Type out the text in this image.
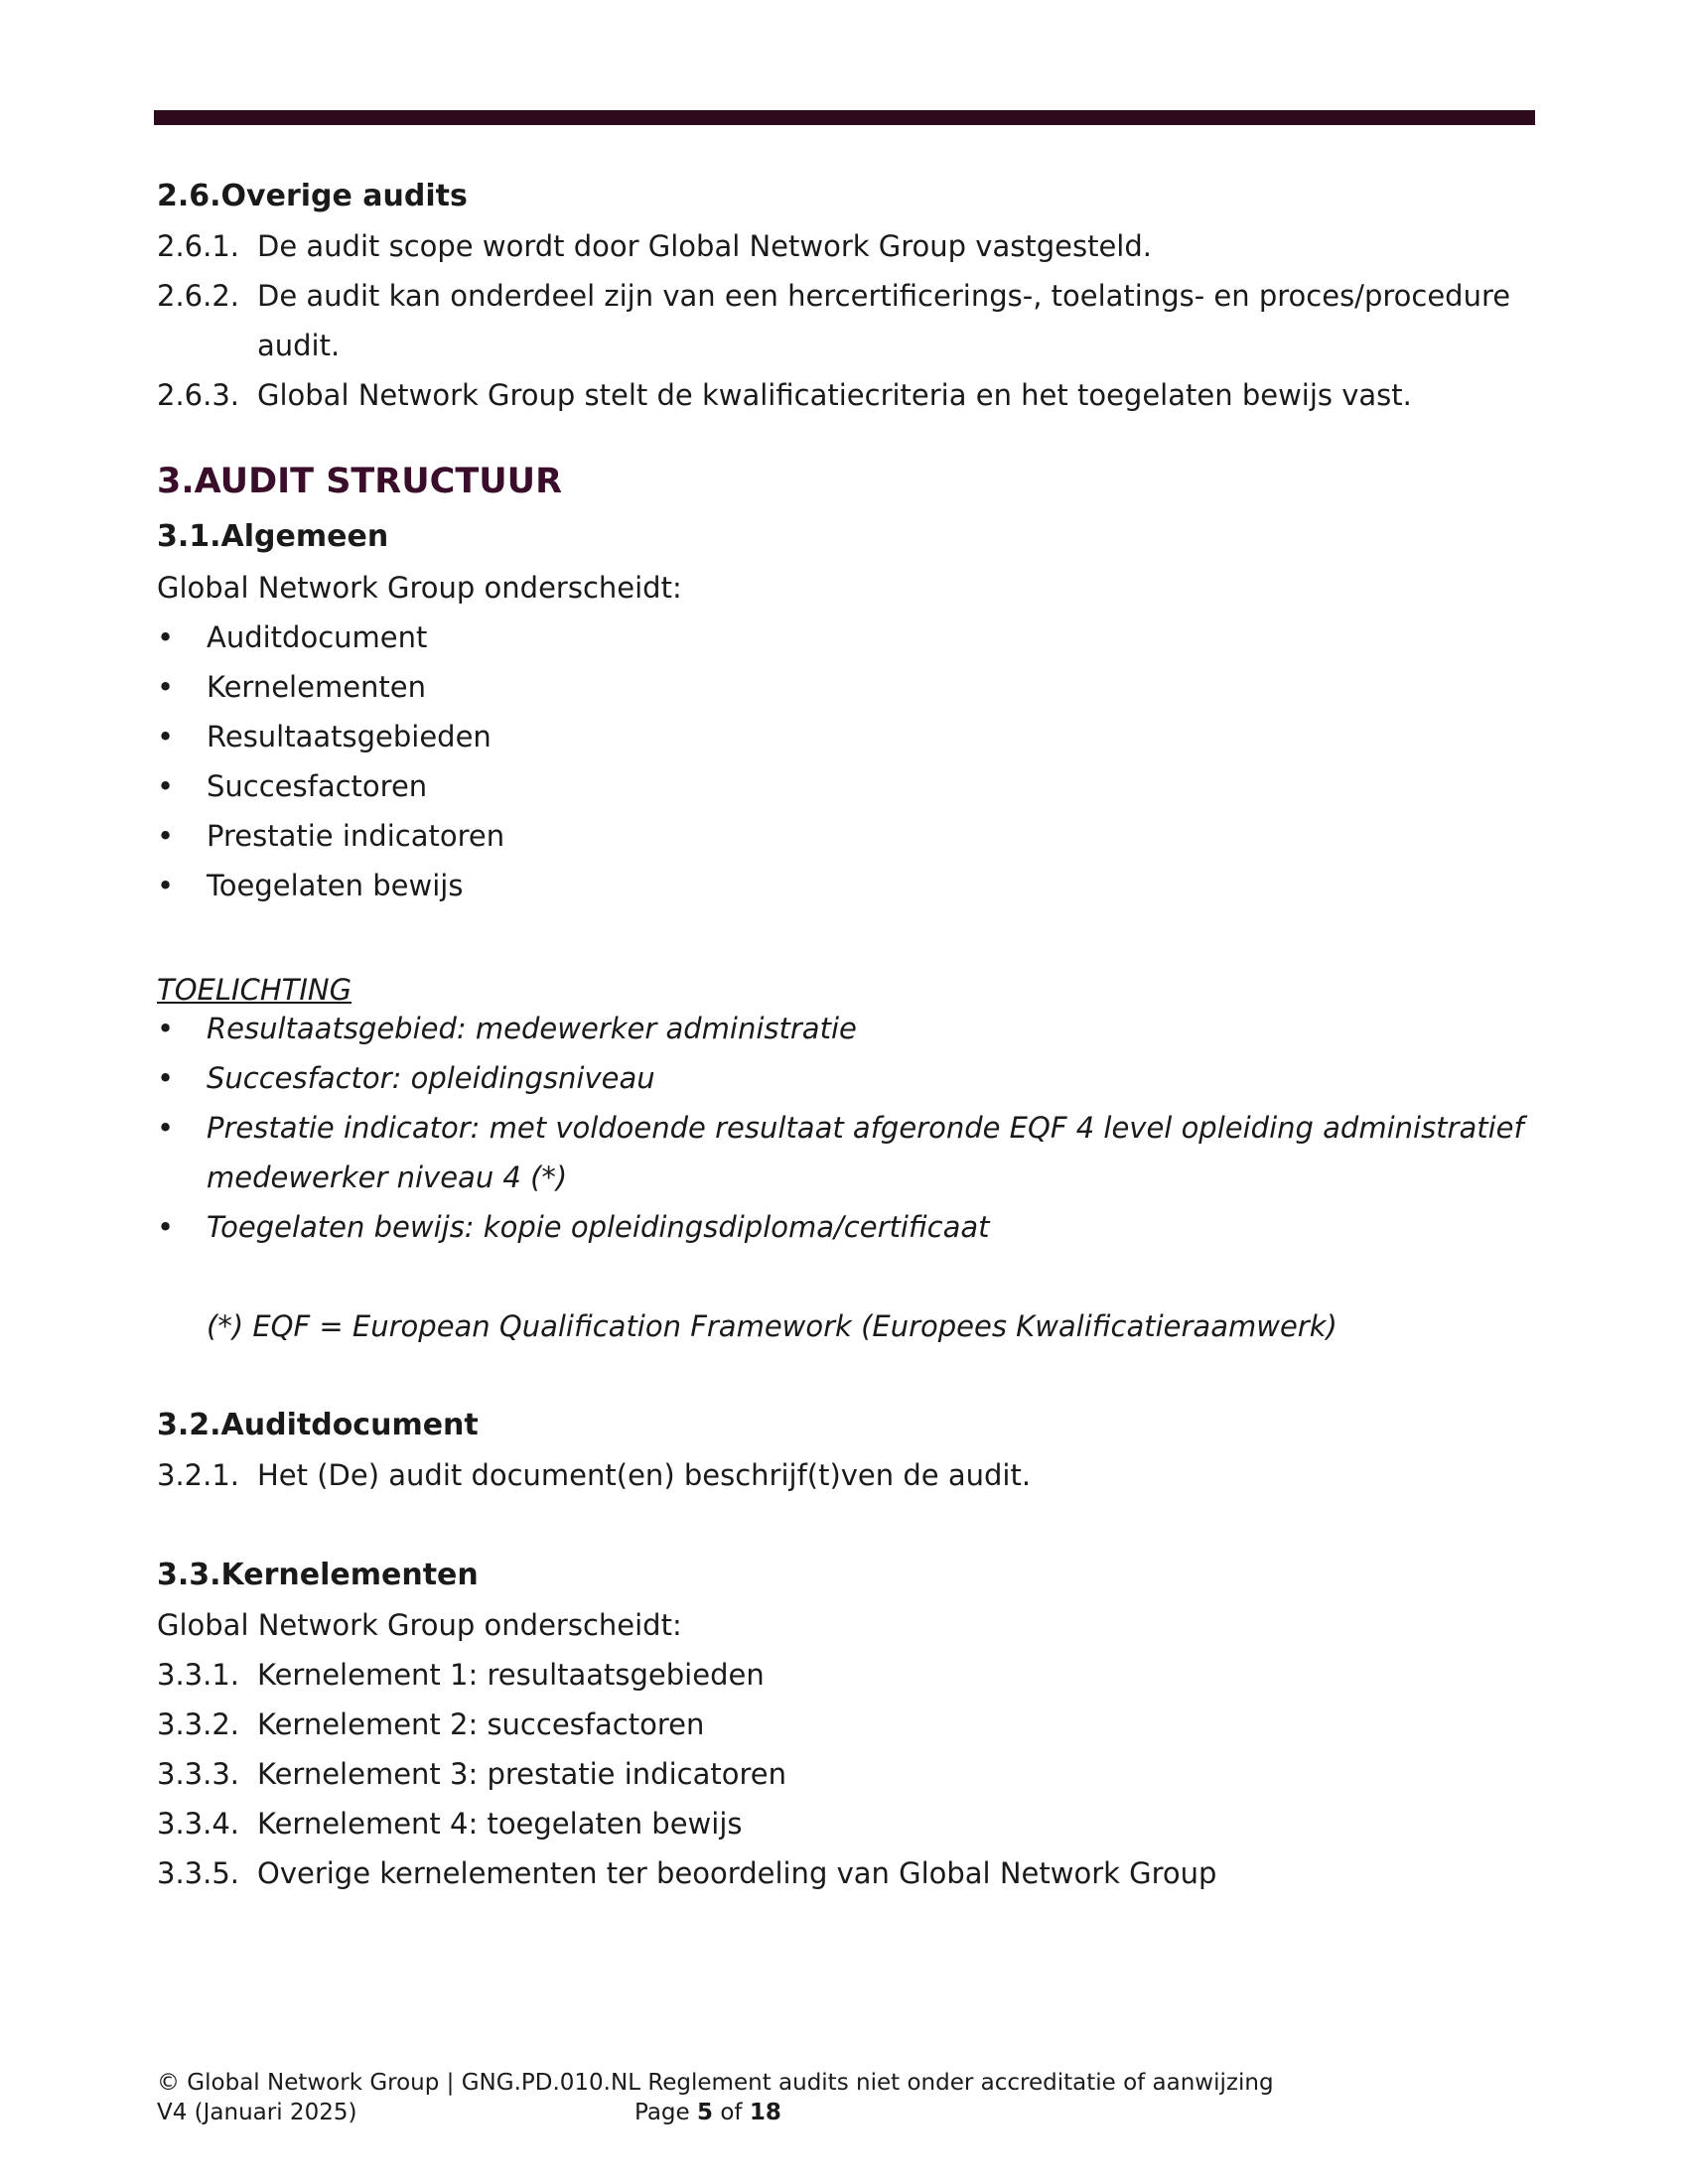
2.6.Overige audits
2.6.1. De audit scope wordt door Global Network Group vastgesteld.
2.6.2. De audit kan onderdeel zijn van een hercertificerings-, toelatings- en proces/procedure
audit.
2.6.3. Global Network Group stelt de kwalificatiecriteria en het toegelaten bewijs vast.
3.AUDIT STRUCTUUR
3.1.Algemeen
Global Network Group onderscheidt:
• Auditdocument
• Kernelementen
• Resultaatsgebieden
• Succesfactoren
• Prestatie indicatoren
• Toegelaten bewijs
TOELICHTING
• Resultaatsgebied: medewerker administratie
• Succesfactor: opleidingsniveau
• Prestatie indicator: met voldoende resultaat afgeronde EQF 4 level opleiding administratief
medewerker niveau 4 (*)
• Toegelaten bewijs: kopie opleidingsdiploma/certificaat
(*) EQF = European Qualification Framework (Europees Kwalificatieraamwerk)
3.2.Auditdocument
3.2.1. Het (De) audit document(en) beschrijf(t)ven de audit.
3.3.Kernelementen
Global Network Group onderscheidt:
3.3.1. Kernelement 1: resultaatsgebieden
3.3.2. Kernelement 2: succesfactoren
3.3.3. Kernelement 3: prestatie indicatoren
3.3.4. Kernelement 4: toegelaten bewijs
3.3.5. Overige kernelementen ter beoordeling van Global Network Group
© Global Network Group | GNG.PD.010.NL Reglement audits niet onder accreditatie of aanwijzing
V4 (Januari 2025)	Page 5 of 18
